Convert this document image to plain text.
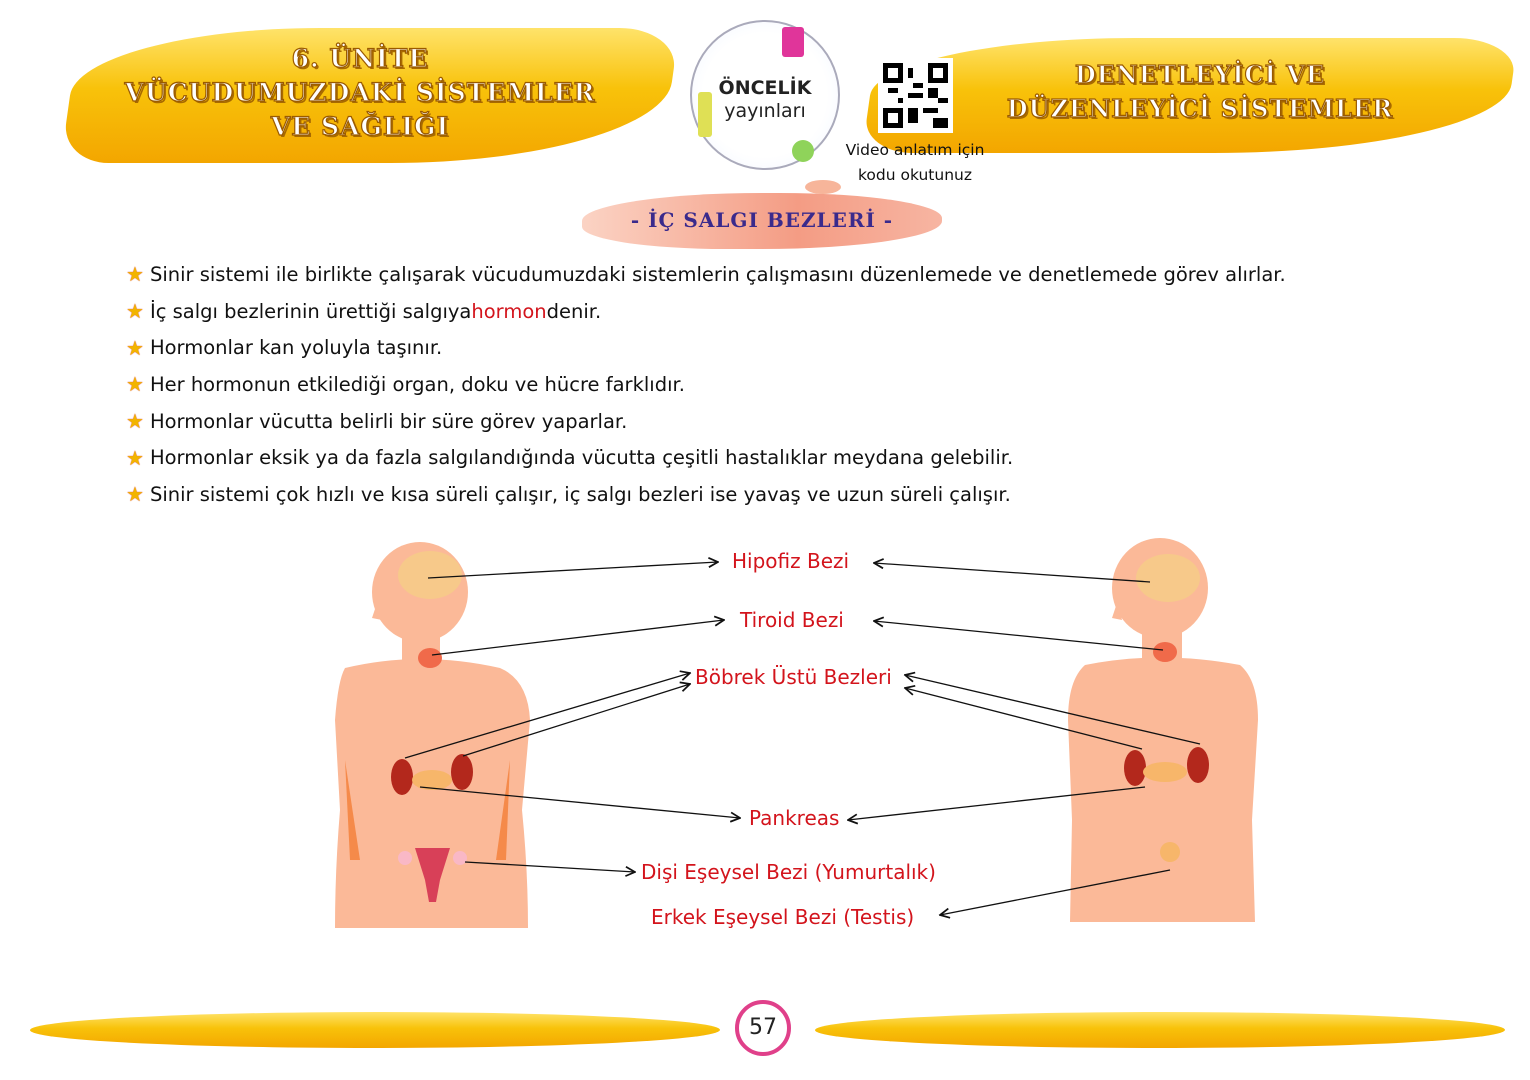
6. ÜNİTE
VÜCUDUMUZDAKİ SİSTEMLER
VE SAĞLIĞI
DENETLEYİCİ VE
DÜZENLEYİCİ SİSTEMLER
ÖNCELİK
yayınları
Video anlatım için
kodu okutunuz
- İÇ SALGI BEZLERİ -
★ Sinir sistemi ile birlikte çalışarak vücudumuzdaki sistemlerin çalışmasını düzenlemede ve denetlemede görev alırlar.
★ İç salgı bezlerinin ürettiği salgıya hormon denir.
★ Hormonlar kan yoluyla taşınır.
★ Her hormonun etkilediği organ, doku ve hücre farklıdır.
★ Hormonlar vücutta belirli bir süre görev yaparlar.
★ Hormonlar eksik ya da fazla salgılandığında vücutta çeşitli hastalıklar meydana gelebilir.
★ Sinir sistemi çok hızlı ve kısa süreli çalışır, iç salgı bezleri ise yavaş ve uzun süreli çalışır.
Hipofiz Bezi
Tiroid Bezi
Böbrek Üstü Bezleri
Pankreas
Dişi Eşeysel Bezi (Yumurtalık)
Erkek Eşeysel Bezi (Testis)
57
